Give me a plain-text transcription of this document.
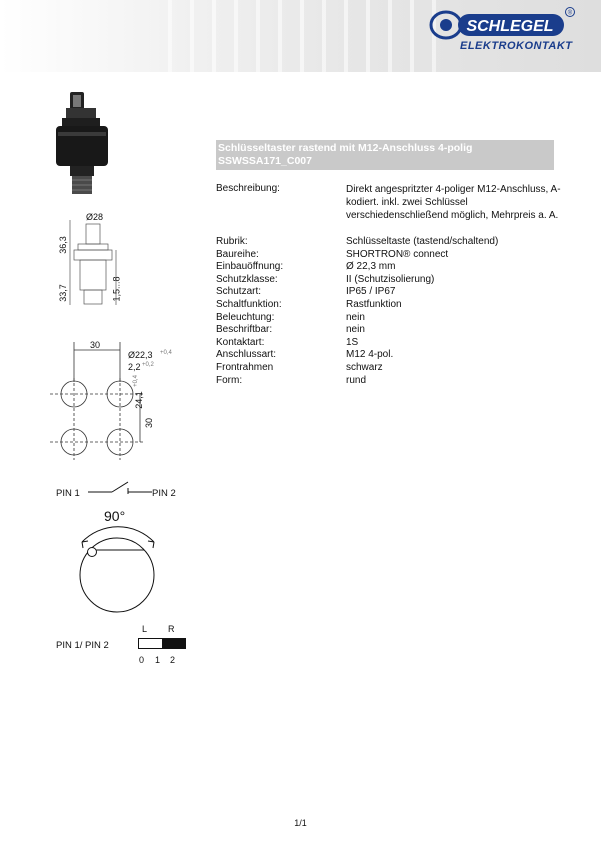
SCHLEGEL
®
ELEKTROKONTAKT
Ø28
36,3
33,7	1,5...8
30
Ø22,3 +0,4
2,2 +0,2
24,1
+0,4
30
PIN 1	PIN 2
90°
PIN 1/ PIN 2
L R
0 1 2
Schlüsseltaster rastend mit M12-Anschluss 4-polig
SSWSSA171_C007
Beschreibung:	Direkt angespritzter 4-poliger M12-Anschluss, A-kodiert. inkl. zwei Schlüssel verschiedenschließend möglich, Mehrpreis a. A.
Rubrik:	Schlüsseltaste (tastend/schaltend)
Baureihe:	SHORTRON® connect
Einbauöffnung:	Ø 22,3 mm
Schutzklasse:	II (Schutzisolierung)
Schutzart:	IP65 / IP67
Schaltfunktion:	Rastfunktion
Beleuchtung:	nein
Beschriftbar:	nein
Kontaktart:	1S
Anschlussart:	M12 4-pol.
Frontrahmen	schwarz
Form:	rund
1/1
